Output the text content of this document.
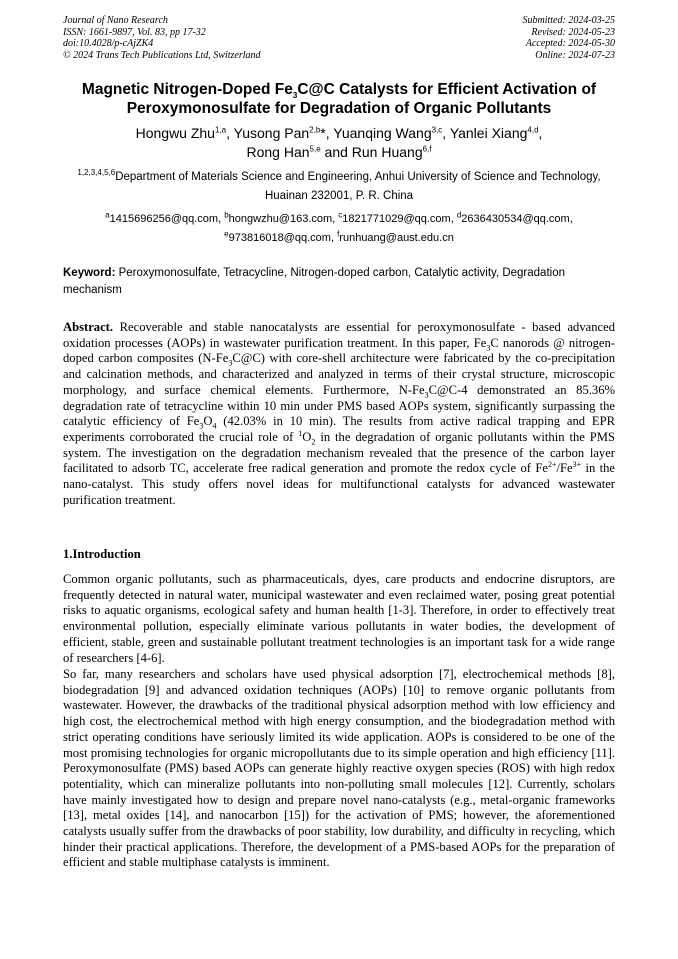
Journal of Nano Research
ISSN: 1661-9897, Vol. 83, pp 17-32
doi:10.4028/p-cAjZK4
© 2024 Trans Tech Publications Ltd, Switzerland
Submitted: 2024-03-25
Revised: 2024-05-23
Accepted: 2024-05-30
Online: 2024-07-23
Magnetic Nitrogen-Doped $Fe_3C@C$ Catalysts for Efficient Activation of Peroxymonosulfate for Degradation of Organic Pollutants
Hongwu Zhu$^{1,a}$, Yusong Pan$^{2,b}$*, Yuanqing Wang$^{3,c}$, Yanlei Xiang$^{4,d}$,
Rong Han$^{5,e}$ and Run Huang$^{6,f}$
$^{1,2,3,4,5,6}$Department of Materials Science and Engineering, Anhui University of Science and Technology, Huainan 232001, P. R. China
$^a$1415696256@qq.com, $^b$hongwzhu@163.com, $^c$1821771029@qq.com, $^d$2636430534@qq.com,
$^e$973816018@qq.com, $^f$runhuang@aust.edu.cn
Keyword: Peroxymonosulfate, Tetracycline, Nitrogen-doped carbon, Catalytic activity, Degradation mechanism
Abstract. Recoverable and stable nanocatalysts are essential for peroxymonosulfate - based advanced oxidation processes (AOPs) in wastewater purification treatment. In this paper, $Fe_3C$ nanorods @ nitrogen-doped carbon composites $(N-Fe_3C@C)$ with core-shell architecture were fabricated by the co-precipitation and calcination methods, and characterized and analyzed in terms of their crystal structure, microscopic morphology, and surface chemical elements. Furthermore, $N-Fe_3C@C-4$ demonstrated an 85.36% degradation rate of tetracycline within 10 min under PMS based AOPs system, significantly surpassing the catalytic efficiency of $Fe_3O_4$ (42.03% in 10 min). The results from active radical trapping and EPR experiments corroborated the crucial role of $^1O_2$ in the degradation of organic pollutants within the PMS system. The investigation on the degradation mechanism revealed that the presence of the carbon layer facilitated to adsorb TC, accelerate free radical generation and promote the redox cycle of $Fe^{2+}/Fe^{3+}$ in the nano-catalyst. This study offers novel ideas for multifunctional catalysts for advanced wastewater purification treatment.
1.Introduction
Common organic pollutants, such as pharmaceuticals, dyes, care products and endocrine disruptors, are frequently detected in natural water, municipal wastewater and even reclaimed water, posing great potential risks to aquatic organisms, ecological safety and human health [1-3]. Therefore, in order to effectively treat environmental pollution, especially eliminate various pollutants in water bodies, the development of efficient, stable, green and sustainable pollutant treatment technologies is an important task for a wide range of researchers [4-6].
So far, many researchers and scholars have used physical adsorption [7], electrochemical methods [8], biodegradation [9] and advanced oxidation techniques (AOPs) [10] to remove organic pollutants from wastewater. However, the drawbacks of the traditional physical adsorption method with low efficiency and high cost, the electrochemical method with high energy consumption, and the biodegradation method with strict operating conditions have seriously limited its wide application. AOPs is considered to be one of the most promising technologies for organic micropollutants due to its simple operation and high efficiency [11]. Peroxymonosulfate (PMS) based AOPs can generate highly reactive oxygen species (ROS) with high redox potentiality, which can mineralize pollutants into non-polluting small molecules [12]. Currently, scholars have mainly investigated how to design and prepare novel nano-catalysts (e.g., metal-organic frameworks [13], metal oxides [14], and nanocarbon [15]) for the activation of PMS; however, the aforementioned catalysts usually suffer from the drawbacks of poor stability, low durability, and difficulty in recycling, which hinder their practical applications. Therefore, the development of a PMS-based AOPs for the preparation of efficient and stable multiphase catalysts is imminent.
